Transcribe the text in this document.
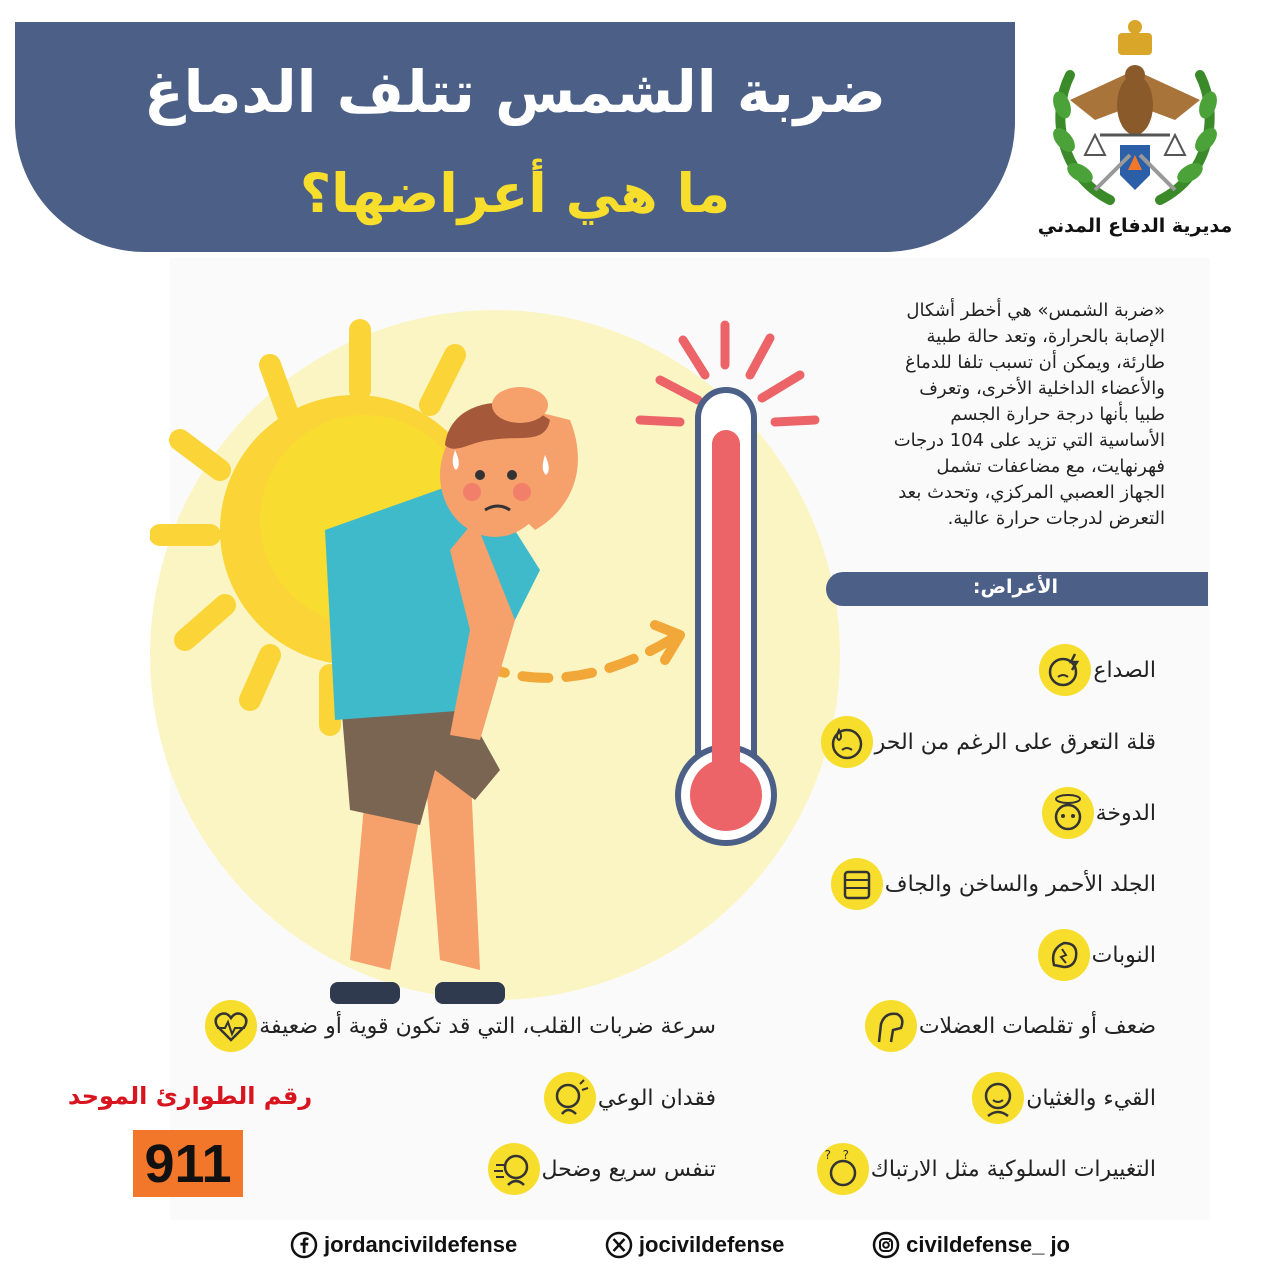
ضربة الشمس تتلف الدماغ
ما هي أعراضها؟
مديرية الدفاع المدني
«ضربة الشمس» هي أخطر أشكال
الإصابة بالحرارة، وتعد حالة طبية
طارئة، ويمكن أن تسبب تلفا للدماغ
والأعضاء الداخلية الأخرى، وتعرف
طبيا بأنها درجة حرارة الجسم
الأساسية التي تزيد على 104 درجات
فهرنهايت، مع مضاعفات تشمل
الجهاز العصبي المركزي، وتحدث بعد
التعرض لدرجات حرارة عالية.
الأعراض:
الصداع
قلة التعرق على الرغم من الحر
الدوخة
الجلد الأحمر والساخن والجاف
النوبات
ضعف أو تقلصات العضلات
القيء والغثيان
? ?
التغييرات السلوكية مثل الارتباك
سرعة ضربات القلب، التي قد تكون قوية أو ضعيفة
فقدان الوعي
تنفس سريع وضحل
رقم الطوارئ الموحد
911
jordancivildefense	jocivildefense	civildefense_ jo
